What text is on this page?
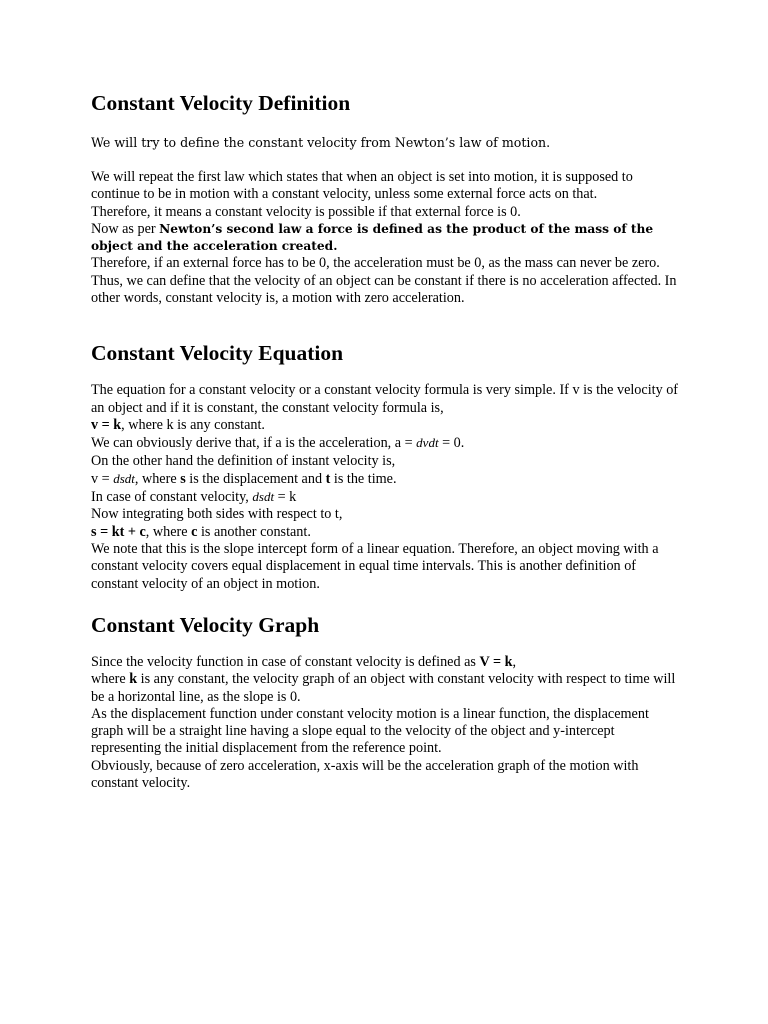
Constant Velocity Definition

We will try to define the constant velocity from Newton’s law of motion.

We will repeat the first law which states that when an object is set into motion, it is supposed to continue to be in motion with a constant velocity, unless some external force acts on that.

Therefore, it means a constant velocity is possible if that external force is 0.

Now as per Newton’s second law a force is defined as the product of the mass of the object and the acceleration created.

Therefore, if an external force has to be 0, the acceleration must be 0, as the mass can never be zero.

Thus, we can define that the velocity of an object can be constant if there is no acceleration affected. In other words, constant velocity is, a motion with zero acceleration.

Constant Velocity Equation

The equation for a constant velocity or a constant velocity formula is very simple. If v is the velocity of an object and if it is constant, the constant velocity formula is,

v = k, where k is any constant.

We can obviously derive that, if a is the acceleration, a = dvdt = 0.

On the other hand the definition of instant velocity is,

v = dsdt, where s is the displacement and t is the time.

In case of constant velocity, dsdt = k

Now integrating both sides with respect to t,

s = kt + c, where c is another constant.

We note that this is the slope intercept form of a linear equation. Therefore, an object moving with a constant velocity covers equal displacement in equal time intervals. This is another definition of constant velocity of an object in motion.

Constant Velocity Graph

Since the velocity function in case of constant velocity is defined as V = k,

where k is any constant, the velocity graph of an object with constant velocity with respect to time will be a horizontal line, as the slope is 0.

As the displacement function under constant velocity motion is a linear function, the displacement graph will be a straight line having a slope equal to the velocity of the object and y-intercept representing the initial displacement from the reference point.

Obviously, because of zero acceleration, x-axis will be the acceleration graph of the motion with constant velocity.
